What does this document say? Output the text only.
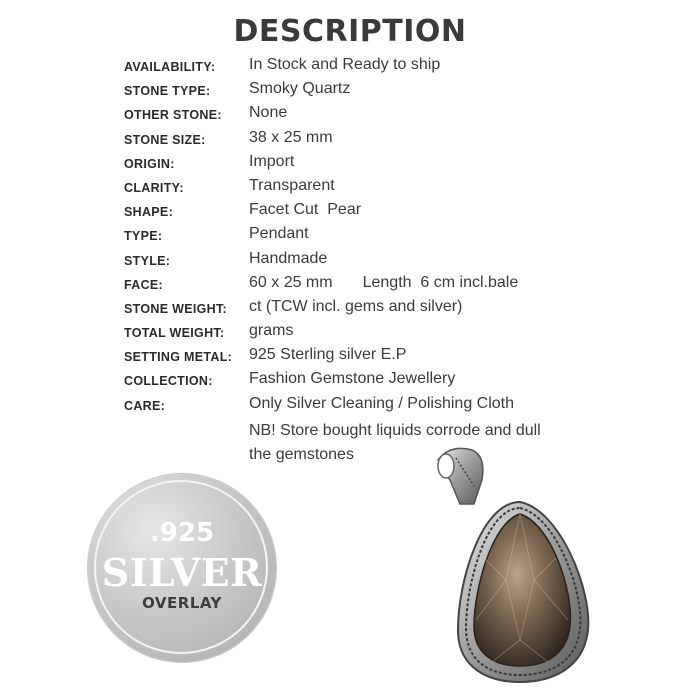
DESCRIPTION
AVAILABILITY: In Stock and Ready to ship
STONE TYPE: Smoky Quartz
OTHER STONE: None
STONE SIZE:	38 x 25 mm
ORIGIN:	Import
CLARITY:	Transparent
SHAPE:	Facet Cut  Pear
TYPE:	Pendant
STYLE:	Handmade
FACE:	60 x 25 mm Length  6 cm incl.bale
STONE WEIGHT: ct (TCW incl. gems and silver)
TOTAL WEIGHT: grams
SETTING METAL: 925 Sterling silver E.P
COLLECTION: Fashion Gemstone Jewellery
CARE:	Only Silver Cleaning / Polishing Cloth
NB! Store bought liquids corrode and dull
the gemstones
.925
SILVER
OVERLAY
